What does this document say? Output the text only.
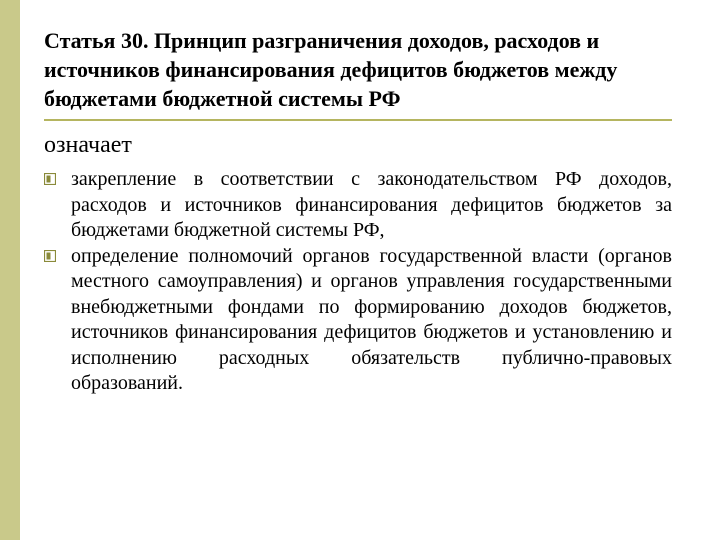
Статья 30. Принцип разграничения доходов, расходов и источников финансирования дефицитов бюджетов между бюджетами бюджетной системы РФ

означает

закрепление в соответствии с законодательством РФ доходов, расходов и источников финансирования дефицитов бюджетов за бюджетами бюджетной системы РФ,
определение полномочий органов государственной власти (органов местного самоуправления) и органов управления государственными внебюджетными фондами по формированию доходов бюджетов, источников финансирования дефицитов бюджетов и установлению и исполнению расходных обязательств публично-правовых образований.
